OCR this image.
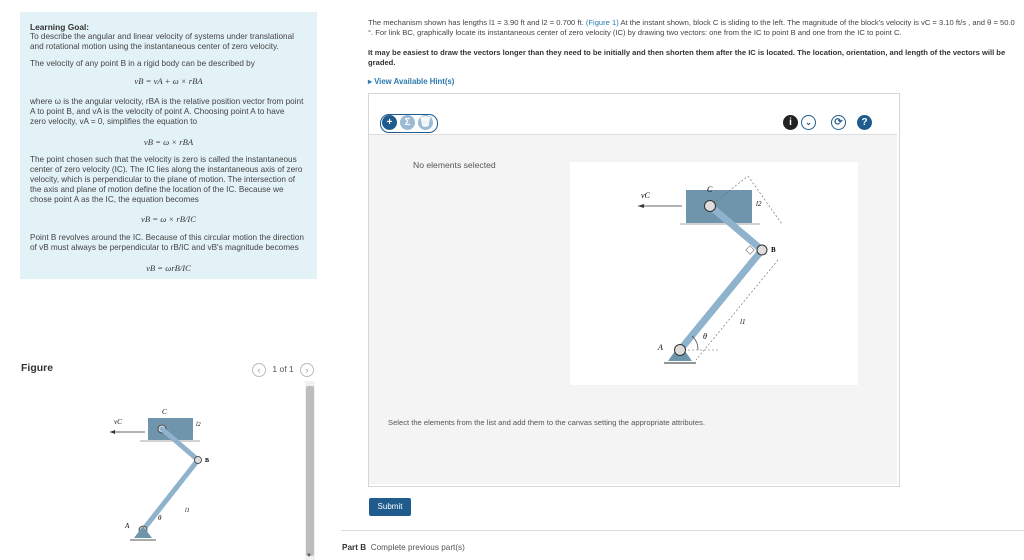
Learning Goal:
To describe the angular and linear velocity of systems under translational
and rotational motion using the instantaneous center of zero velocity.
The velocity of any point B in a rigid body can be described by
vB = vA + ω × rBA
where ω is the angular velocity, rBA is the relative position vector from point
A to point B, and vA is the velocity of point A. Choosing point A to have
zero velocity, vA = 0, simplifies the equation to
vB = ω × rBA
The point chosen such that the velocity is zero is called the instantaneous
center of zero velocity (IC). The IC lies along the instantaneous axis of zero
velocity, which is perpendicular to the plane of motion. The intersection of
the axis and plane of motion define the location of the IC. Because we
chose point A as the IC, the equation becomes
vB = ω × rB/IC
Point B revolves around the IC. Because of this circular motion the direction
of vB must always be perpendicular to rB/IC and vB's magnitude becomes
vB = ωrB/IC
Figure	‹ 1 of 1 ›
vC
C
l2
B
l1
θ
A
▼
The mechanism shown has lengths l1 = 3.90 ft and l2 = 0.700 ft. (Figure 1) At the instant shown, block C is sliding to the left. The magnitude of the block's velocity is vC = 3.10 ft/s , and θ = 50.0 °. For link BC, graphically locate its instantaneous center of zero velocity (IC) by drawing two vectors: one from the IC to point B and one from the IC to point C.
It may be easiest to draw the vectors longer than they need to be initially and then shorten them after the IC is located. The location, orientation, and length of the vectors will be graded.
▸ View Available Hint(s)
+	Σ 🗑	i	⌄	⟳	?
No elements selected
vC
C
l2
B
l1
θ
A
Select the elements from the list and add them to the canvas setting the appropriate attributes.
Submit
Part B Complete previous part(s)
